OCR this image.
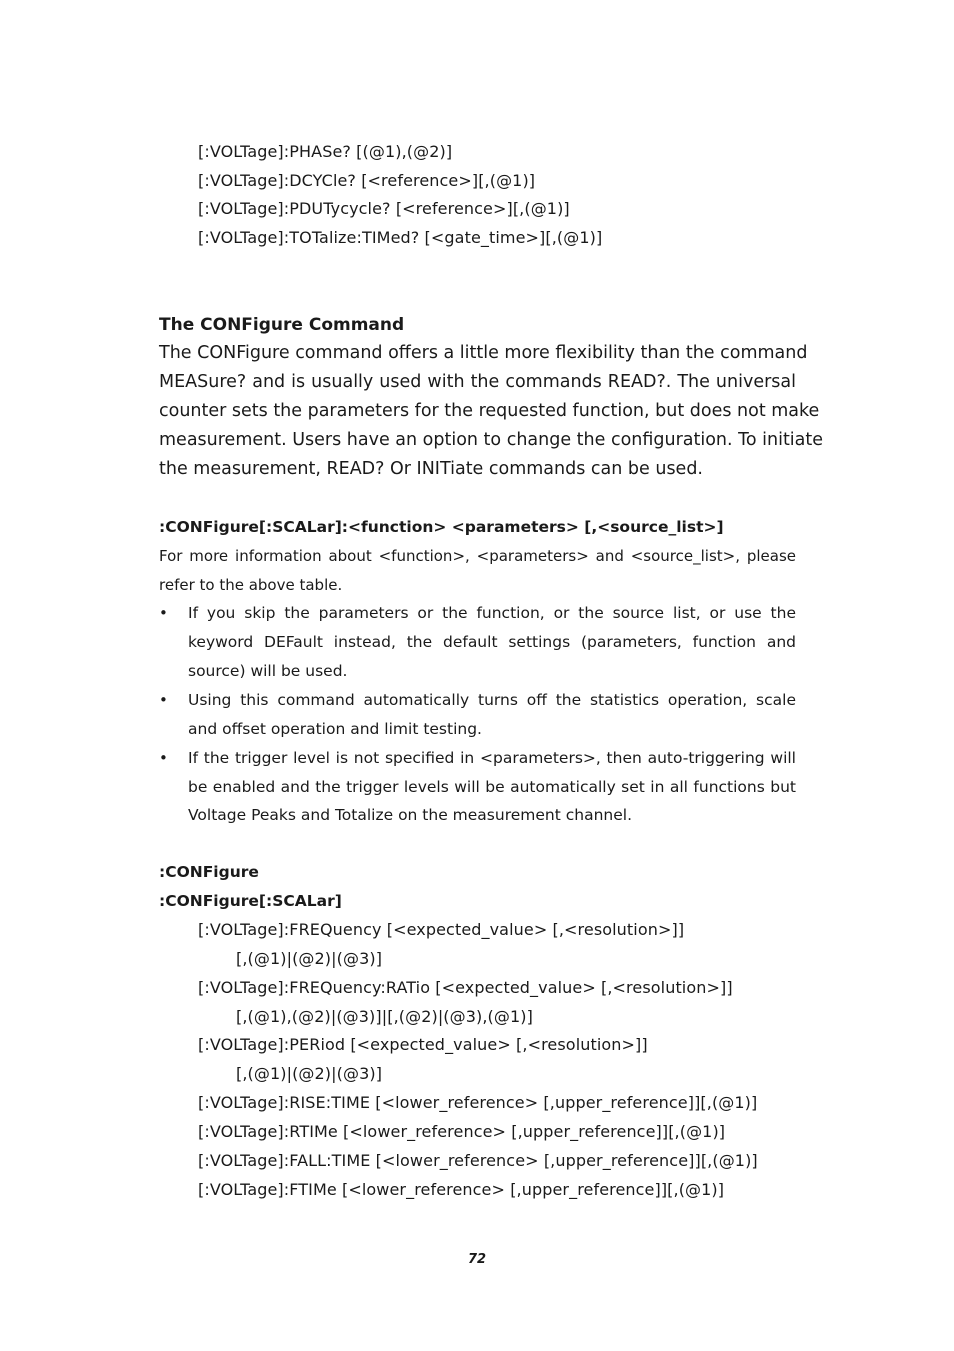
[:VOLTage]:PHASe? [(@1),(@2)]
[:VOLTage]:DCYCle? [<reference>][,(@1)]
[:VOLTage]:PDUTycycle? [<reference>][,(@1)]
[:VOLTage]:TOTalize:TIMed? [<gate_time>][,(@1)]
The CONFigure Command
The CONFigure command offers a little more flexibility than the command
MEASure? and is usually used with the commands READ?. The universal
counter sets the parameters for the requested function, but does not make
measurement. Users have an option to change the configuration. To initiate
the measurement, READ? Or INITiate commands can be used.
:CONFigure[:SCALar]:<function> <parameters> [,<source_list>]
For more information about <function>, <parameters> and <source_list>, please
refer to the above table.
• If you skip the parameters or the function, or the source list, or use the
keyword DEFault instead, the default settings (parameters, function and
source) will be used.
• Using this command automatically turns off the statistics operation, scale
and offset operation and limit testing.
• If the trigger level is not specified in <parameters>, then auto-triggering will
be enabled and the trigger levels will be automatically set in all functions but
Voltage Peaks and Totalize on the measurement channel.
:CONFigure
:CONFigure[:SCALar]
[:VOLTage]:FREQuency [<expected_value> [,<resolution>]]
[,(@1)|(@2)|(@3)]
[:VOLTage]:FREQuency:RATio [<expected_value> [,<resolution>]]
[,(@1),(@2)|(@3)]|[,(@2)|(@3),(@1)]
[:VOLTage]:PERiod [<expected_value> [,<resolution>]]
[,(@1)|(@2)|(@3)]
[:VOLTage]:RISE:TIME [<lower_reference> [,upper_reference]][,(@1)]
[:VOLTage]:RTIMe [<lower_reference> [,upper_reference]][,(@1)]
[:VOLTage]:FALL:TIME [<lower_reference> [,upper_reference]][,(@1)]
[:VOLTage]:FTIMe [<lower_reference> [,upper_reference]][,(@1)]
72
